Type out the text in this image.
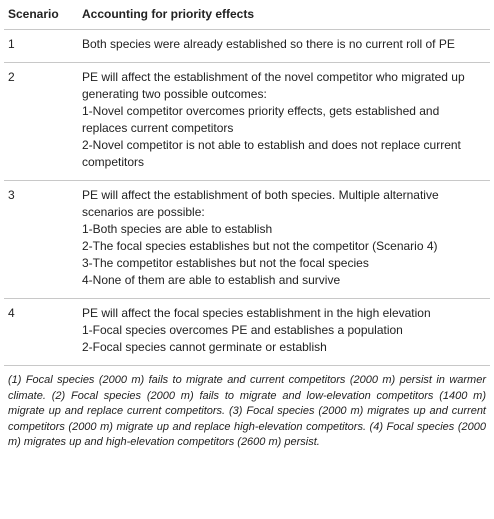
Scenario	Accounting for priority effects
1	Both species were already established so there is no current roll of PE

2	PE will affect the establishment of the novel competitor who migrated up generating two possible outcomes:
1-Novel competitor overcomes priority effects, gets established and replaces current competitors
2-Novel competitor is not able to establish and does not replace current competitors

3	PE will affect the establishment of both species. Multiple alternative scenarios are possible:
1-Both species are able to establish
2-The focal species establishes but not the competitor (Scenario 4)
3-The competitor establishes but not the focal species
4-None of them are able to establish and survive

4	PE will affect the focal species establishment in the high elevation
1-Focal species overcomes PE and establishes a population
2-Focal species cannot germinate or establish
(1) Focal species (2000 m) fails to migrate and current competitors (2000 m) persist in warmer climate. (2) Focal species (2000 m) fails to migrate and low-elevation competitors (1400 m) migrate up and replace current competitors. (3) Focal species (2000 m) migrates up and current competitors (2000 m) migrate up and replace high-elevation competitors. (4) Focal species (2000 m) migrates up and high-elevation competitors (2600 m) persist.
